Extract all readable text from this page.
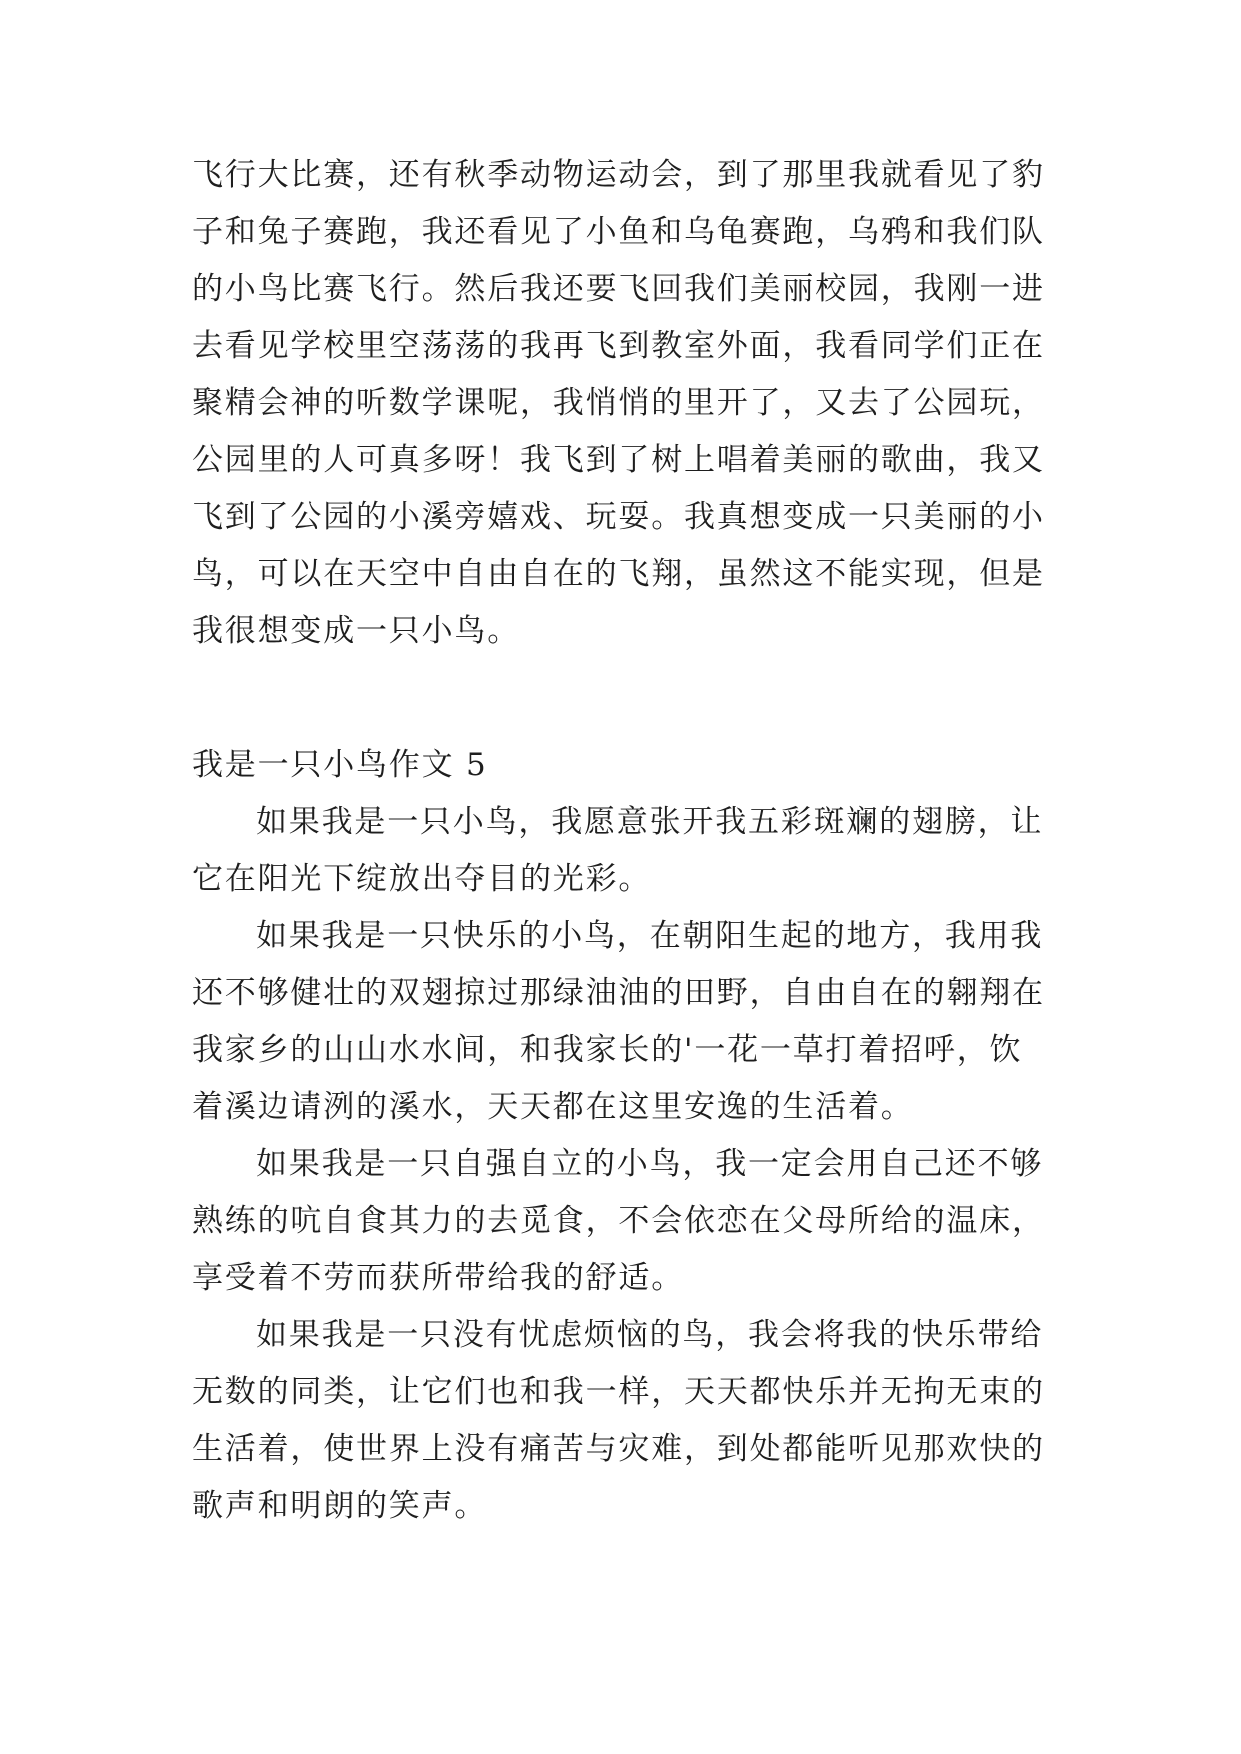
飞行大比赛，还有秋季动物运动会，到了那里我就看见了豹
子和兔子赛跑，我还看见了小鱼和乌龟赛跑，乌鸦和我们队
的小鸟比赛飞行。然后我还要飞回我们美丽校园，我刚一进
去看见学校里空荡荡的我再飞到教室外面，我看同学们正在
聚精会神的听数学课呢，我悄悄的里开了，又去了公园玩，
公园里的人可真多呀！我飞到了树上唱着美丽的歌曲，我又
飞到了公园的小溪旁嬉戏、玩耍。我真想变成一只美丽的小
鸟，可以在天空中自由自在的飞翔，虽然这不能实现，但是
我很想变成一只小鸟。
我是一只小鸟作文 5
如果我是一只小鸟，我愿意张开我五彩斑斓的翅膀，让
它在阳光下绽放出夺目的光彩。
如果我是一只快乐的小鸟，在朝阳生起的地方，我用我
还不够健壮的双翅掠过那绿油油的田野，自由自在的翱翔在
我家乡的山山水水间，和我家长的'一花一草打着招呼，饮
着溪边请洌的溪水，天天都在这里安逸的生活着。
如果我是一只自强自立的小鸟，我一定会用自己还不够
熟练的吭自食其力的去觅食，不会依恋在父母所给的温床，
享受着不劳而获所带给我的舒适。
如果我是一只没有忧虑烦恼的鸟，我会将我的快乐带给
无数的同类，让它们也和我一样，天天都快乐并无拘无束的
生活着，使世界上没有痛苦与灾难，到处都能听见那欢快的
歌声和明朗的笑声。
